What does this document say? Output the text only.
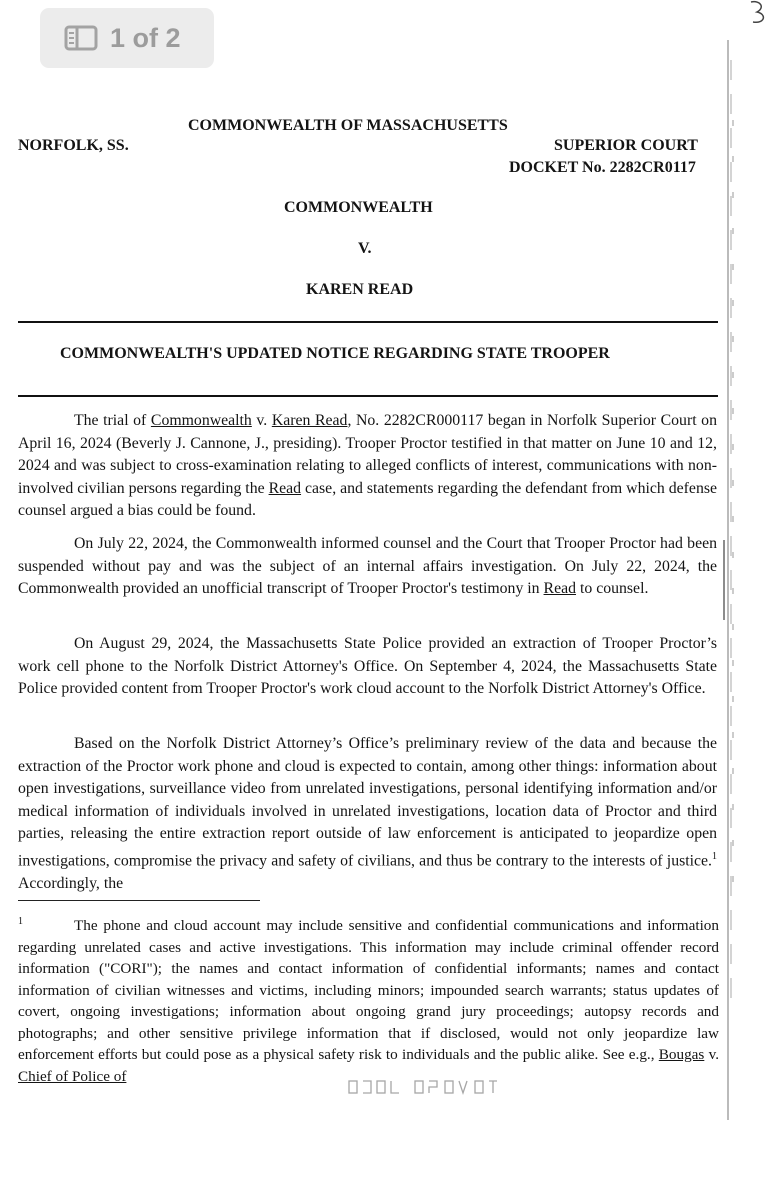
1 of 2
COMMONWEALTH OF MASSACHUSETTS
NORFOLK, SS.	SUPERIOR COURT
DOCKET No. 2282CR0117
COMMONWEALTH
V.
KAREN READ
COMMONWEALTH'S UPDATED NOTICE REGARDING STATE TROOPER

The trial of Commonwealth v. Karen Read, No. 2282CR000117 began in Norfolk Superior Court on April 16, 2024 (Beverly J. Cannone, J., presiding). Trooper Proctor testified in that matter on June 10 and 12, 2024 and was subject to cross-examination relating to alleged conflicts of interest, communications with non-involved civilian persons regarding the Read case, and statements regarding the defendant from which defense counsel argued a bias could be found.

On July 22, 2024, the Commonwealth informed counsel and the Court that Trooper Proctor had been suspended without pay and was the subject of an internal affairs investigation. On July 22, 2024, the Commonwealth provided an unofficial transcript of Trooper Proctor's testimony in Read to counsel.

On August 29, 2024, the Massachusetts State Police provided an extraction of Trooper Proctor’s work cell phone to the Norfolk District Attorney's Office. On September 4, 2024, the Massachusetts State Police provided content from Trooper Proctor's work cloud account to the Norfolk District Attorney's Office.

Based on the Norfolk District Attorney’s Office’s preliminary review of the data and because the extraction of the Proctor work phone and cloud is expected to contain, among other things: information about open investigations, surveillance video from unrelated investigations, personal identifying information and/or medical information of individuals involved in unrelated investigations, location data of Proctor and third parties, releasing the entire extraction report outside of law enforcement is anticipated to jeopardize open investigations, compromise the privacy and safety of civilians, and thus be contrary to the interests of justice.$^1$ Accordingly, the

$^1$	The phone and cloud account may include sensitive and confidential communications and information regarding unrelated cases and active investigations. This information may include criminal offender record information ("CORI"); the names and contact information of confidential informants; names and contact information of civilian witnesses and victims, including minors; impounded search warrants; status updates of covert, ongoing investigations; information about ongoing grand jury proceedings; autopsy records and photographs; and other sensitive privilege information that if disclosed, would not only jeopardize law enforcement efforts but could pose as a physical safety risk to individuals and the public alike. See e.g., Bougas v. Chief of Police of
